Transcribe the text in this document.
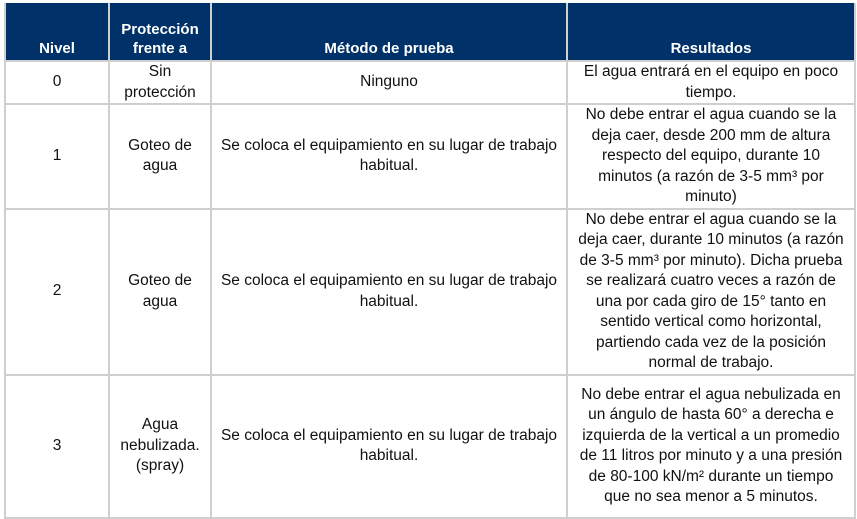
Nivel	Protección frente a	Método de prueba	Resultados
0	Sin protección	Ninguno	El agua entrará en el equipo en poco tiempo.
1	Goteo de agua	Se coloca el equipamiento en su lugar de trabajo habitual.	No debe entrar el agua cuando se la deja caer, desde 200 mm de altura respecto del equipo, durante 10 minutos (a razón de 3-5 mm³ por minuto)
2	Goteo de agua	Se coloca el equipamiento en su lugar de trabajo habitual.	No debe entrar el agua cuando se la deja caer, durante 10 minutos (a razón de 3-5 mm³ por minuto). Dicha prueba se realizará cuatro veces a razón de una por cada giro de 15° tanto en sentido vertical como horizontal, partiendo cada vez de la posición normal de trabajo.
3	Agua nebulizada. (spray)	Se coloca el equipamiento en su lugar de trabajo habitual.	No debe entrar el agua nebulizada en un ángulo de hasta 60° a derecha e izquierda de la vertical a un promedio de 11 litros por minuto y a una presión de 80-100 kN/m² durante un tiempo que no sea menor a 5 minutos.
